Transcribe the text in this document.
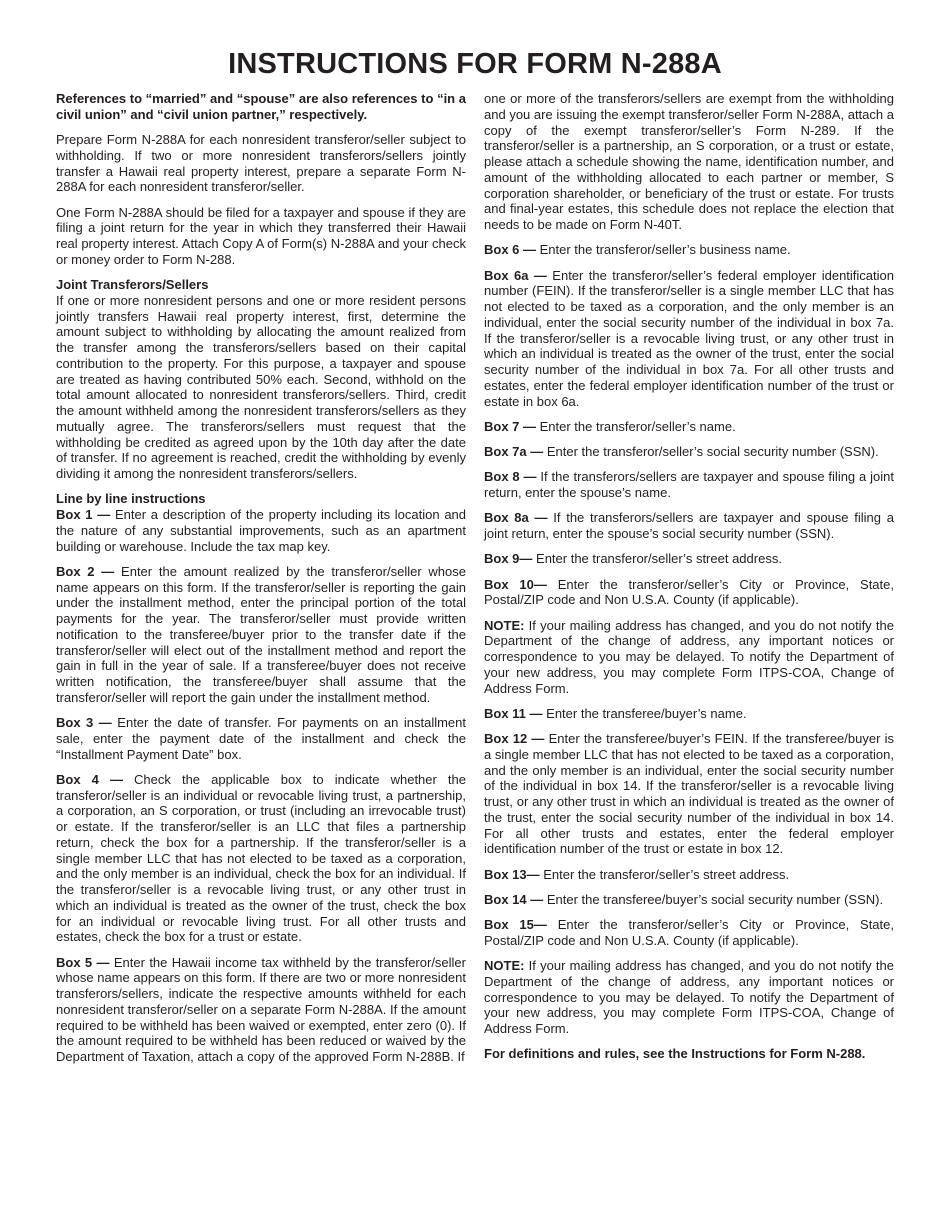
INSTRUCTIONS FOR FORM N-288A

References to “married” and “spouse” are also references to “in a civil union” and “civil union partner,” respectively.

Prepare Form N-288A for each nonresident transferor/seller subject to withholding. If two or more nonresident transferors/sellers jointly transfer a Hawaii real property interest, prepare a separate Form N-288A for each nonresident transferor/seller.

One Form N-288A should be filed for a taxpayer and spouse if they are filing a joint return for the year in which they transferred their Hawaii real property interest. Attach Copy A of Form(s) N-288A and your check or money order to Form N-288.

Joint Transferors/Sellers
If one or more nonresident persons and one or more resident persons jointly transfers Hawaii real property interest, first, determine the amount subject to withholding by allocating the amount realized from the transfer among the transferors/sellers based on their capital contribution to the property. For this purpose, a taxpayer and spouse are treated as having contributed 50% each. Second, withhold on the total amount allocated to nonresident transferors/sellers. Third, credit the amount withheld among the nonresident transferors/sellers as they mutually agree. The transferors/sellers must request that the withholding be credited as agreed upon by the 10th day after the date of transfer. If no agreement is reached, credit the withholding by evenly dividing it among the nonresident transferors/sellers.

Line by line instructions
Box 1 — Enter a description of the property including its location and the nature of any substantial improvements, such as an apartment building or warehouse. Include the tax map key.

Box 2 — Enter the amount realized by the transferor/seller whose name appears on this form. If the transferor/seller is reporting the gain under the installment method, enter the principal portion of the total payments for the year. The transferor/seller must provide written notification to the transferee/buyer prior to the transfer date if the transferor/seller will elect out of the installment method and report the gain in full in the year of sale. If a transferee/buyer does not receive written notification, the transferee/buyer shall assume that the transferor/seller will report the gain under the installment method.

Box 3 — Enter the date of transfer. For payments on an installment sale, enter the payment date of the installment and check the “Installment Payment Date” box.

Box 4 — Check the applicable box to indicate whether the transferor/seller is an individual or revocable living trust, a partnership, a corporation, an S corporation, or trust (including an irrevocable trust) or estate. If the transferor/seller is an LLC that files a partnership return, check the box for a partnership. If the transferor/seller is a single member LLC that has not elected to be taxed as a corporation, and the only member is an individual, check the box for an individual. If the transferor/seller is a revocable living trust, or any other trust in which an individual is treated as the owner of the trust, check the box for an individual or revocable living trust. For all other trusts and estates, check the box for a trust or estate.

Box 5 — Enter the Hawaii income tax withheld by the transferor/seller whose name appears on this form. If there are two or more nonresident transferors/sellers, indicate the respective amounts withheld for each nonresident transferor/seller on a separate Form N-288A. If the amount required to be withheld has been waived or exempted, enter zero (0). If the amount required to be withheld has been reduced or waived by the Department of Taxation, attach a copy of the approved Form N-288B. If

one or more of the transferors/sellers are exempt from the withholding and you are issuing the exempt transferor/seller Form N-288A, attach a copy of the exempt transferor/seller’s Form N-289. If the transferor/seller is a partnership, an S corporation, or a trust or estate, please attach a schedule showing the name, identification number, and amount of the withholding allocated to each partner or member, S corporation shareholder, or beneficiary of the trust or estate. For trusts and final-year estates, this schedule does not replace the election that needs to be made on Form N-40T.

Box 6 — Enter the transferor/seller’s business name.

Box 6a — Enter the transferor/seller’s federal employer identification number (FEIN). If the transferor/seller is a single member LLC that has not elected to be taxed as a corporation, and the only member is an individual, enter the social security number of the individual in box 7a. If the transferor/seller is a revocable living trust, or any other trust in which an individual is treated as the owner of the trust, enter the social security number of the individual in box 7a. For all other trusts and estates, enter the federal employer identification number of the trust or estate in box 6a.

Box 7 — Enter the transferor/seller’s name.

Box 7a — Enter the transferor/seller’s social security number (SSN).

Box 8 — If the transferors/sellers are taxpayer and spouse filing a joint return, enter the spouse’s name.

Box 8a — If the transferors/sellers are taxpayer and spouse filing a joint return, enter the spouse’s social security number (SSN).

Box 9— Enter the transferor/seller’s street address.

Box 10— Enter the transferor/seller’s City or Province, State, Postal/ZIP code and Non U.S.A. County (if applicable).

NOTE: If your mailing address has changed, and you do not notify the Department of the change of address, any important notices or correspondence to you may be delayed. To notify the Department of your new address, you may complete Form ITPS-COA, Change of Address Form.

Box 11 — Enter the transferee/buyer’s name.

Box 12 — Enter the transferee/buyer’s FEIN. If the transferee/buyer is a single member LLC that has not elected to be taxed as a corporation, and the only member is an individual, enter the social security number of the individual in box 14. If the transferor/seller is a revocable living trust, or any other trust in which an individual is treated as the owner of the trust, enter the social security number of the individual in box 14. For all other trusts and estates, enter the federal employer identification number of the trust or estate in box 12.

Box 13— Enter the transferor/seller’s street address.

Box 14 — Enter the transferee/buyer’s social security number (SSN).

Box 15— Enter the transferor/seller’s City or Province, State, Postal/ZIP code and Non U.S.A. County (if applicable).

NOTE: If your mailing address has changed, and you do not notify the Department of the change of address, any important notices or correspondence to you may be delayed. To notify the Department of your new address, you may complete Form ITPS-COA, Change of Address Form.

For definitions and rules, see the Instructions for Form N-288.
